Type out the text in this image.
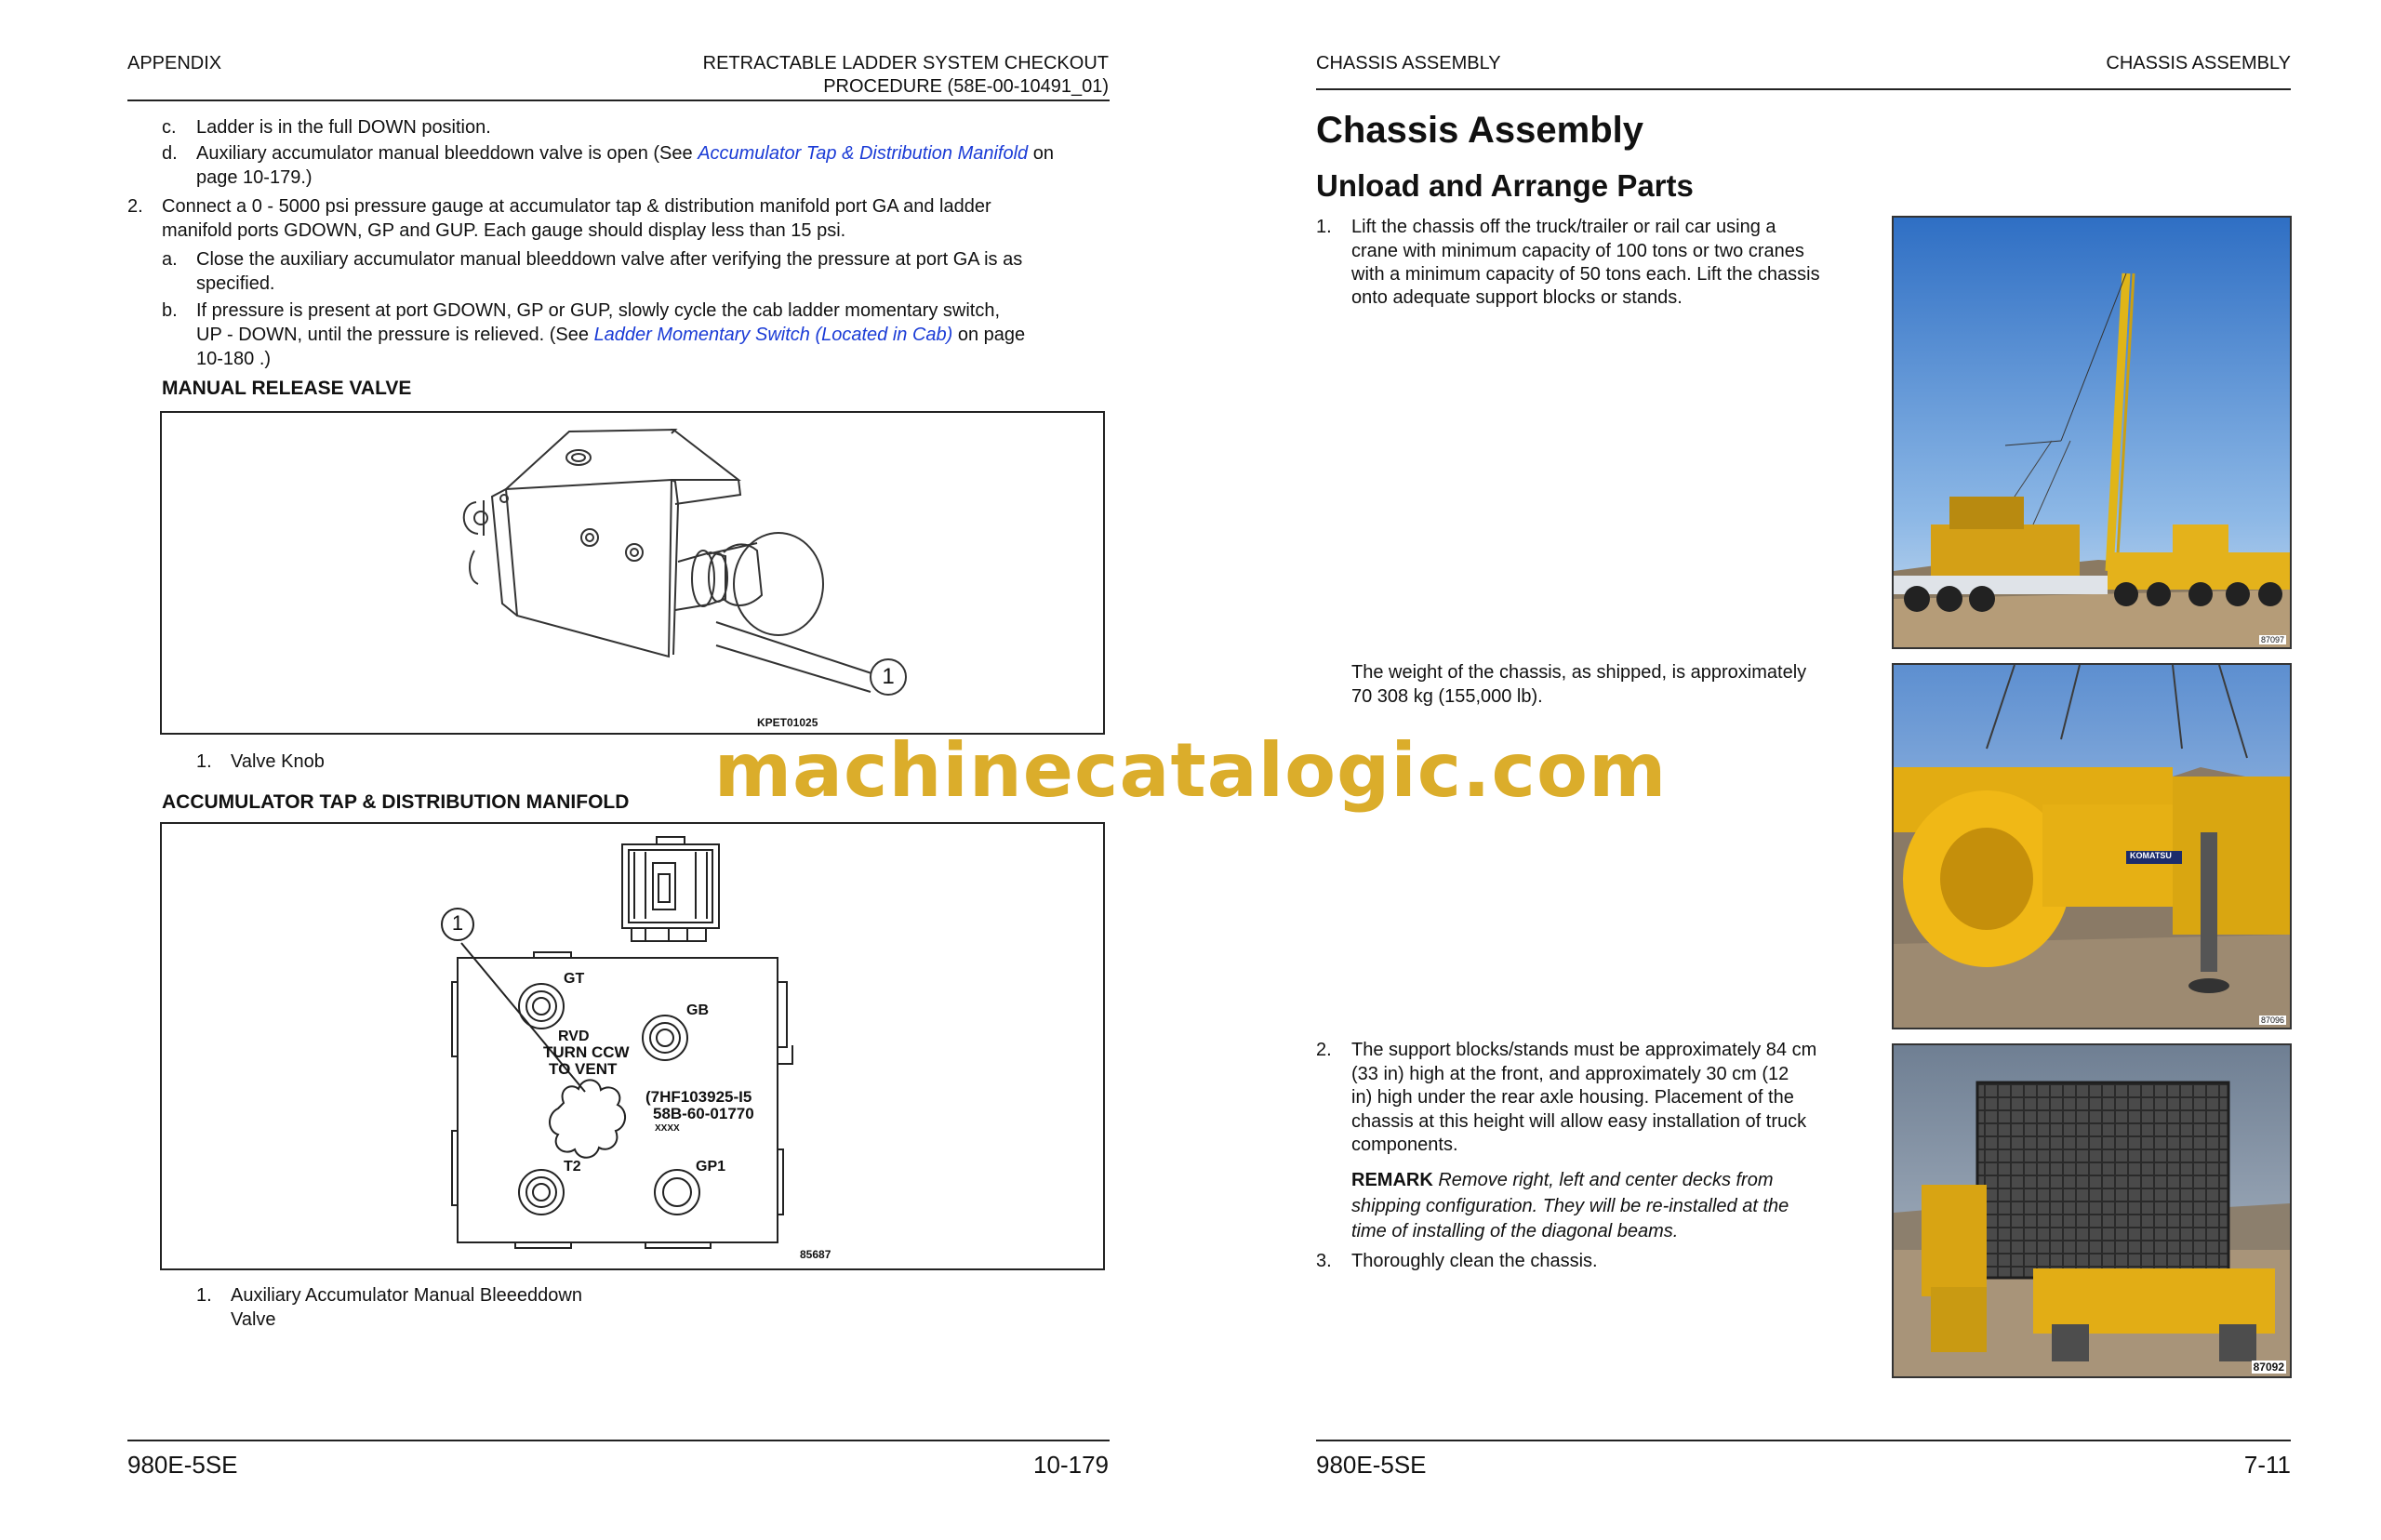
APPENDIX	RETRACTABLE LADDER SYSTEM CHECKOUT
PROCEDURE (58E-00-10491_01)
c. Ladder is in the full DOWN position.
d. Auxiliary accumulator manual bleeddown valve is open (See Accumulator Tap & Distribution Manifold on
page 10-179.)
2. Connect a 0 - 5000 psi pressure gauge at accumulator tap & distribution manifold port GA and ladder
manifold ports GDOWN, GP and GUP. Each gauge should display less than 15 psi.
a. Close the auxiliary accumulator manual bleeddown valve after verifying the pressure at port GA is as
specified.
b. If pressure is present at port GDOWN, GP or GUP, slowly cycle the cab ladder momentary switch,
UP - DOWN, until the pressure is relieved. (See Ladder Momentary Switch (Located in Cab) on page
10-180 .)
MANUAL RELEASE VALVE
1
KPET01025
1. Valve Knob
ACCUMULATOR TAP & DISTRIBUTION MANIFOLD
1
GT
GB
RVD
TURN CCW
TO VENT
(7HF103925-I5
58B-60-01770
XXXX
T2	GP1
85687
1. Auxiliary Accumulator Manual Bleeeddown
Valve
980E-5SE	10-179
CHASSIS ASSEMBLY	CHASSIS ASSEMBLY
Chassis Assembly
Unload and Arrange Parts
1. Lift the chassis off the truck/trailer or rail car using a
crane with minimum capacity of 100 tons or two cranes
with a minimum capacity of 50 tons each. Lift the chassis
onto adequate support blocks or stands.
The weight of the chassis, as shipped, is approximately
70 308 kg (155,000 lb).
2. The support blocks/stands must be approximately 84 cm
(33 in) high at the front, and approximately 30 cm (12
in) high under the rear axle housing. Placement of the
chassis at this height will allow easy installation of truck
components.
REMARK Remove right, left and center decks from
shipping configuration. They will be re-installed at the
time of installing of the diagonal beams.
3. Thoroughly clean the chassis.
87097
KOMATSU
87096
87092
980E-5SE	7-11
machinecatalogic.com
